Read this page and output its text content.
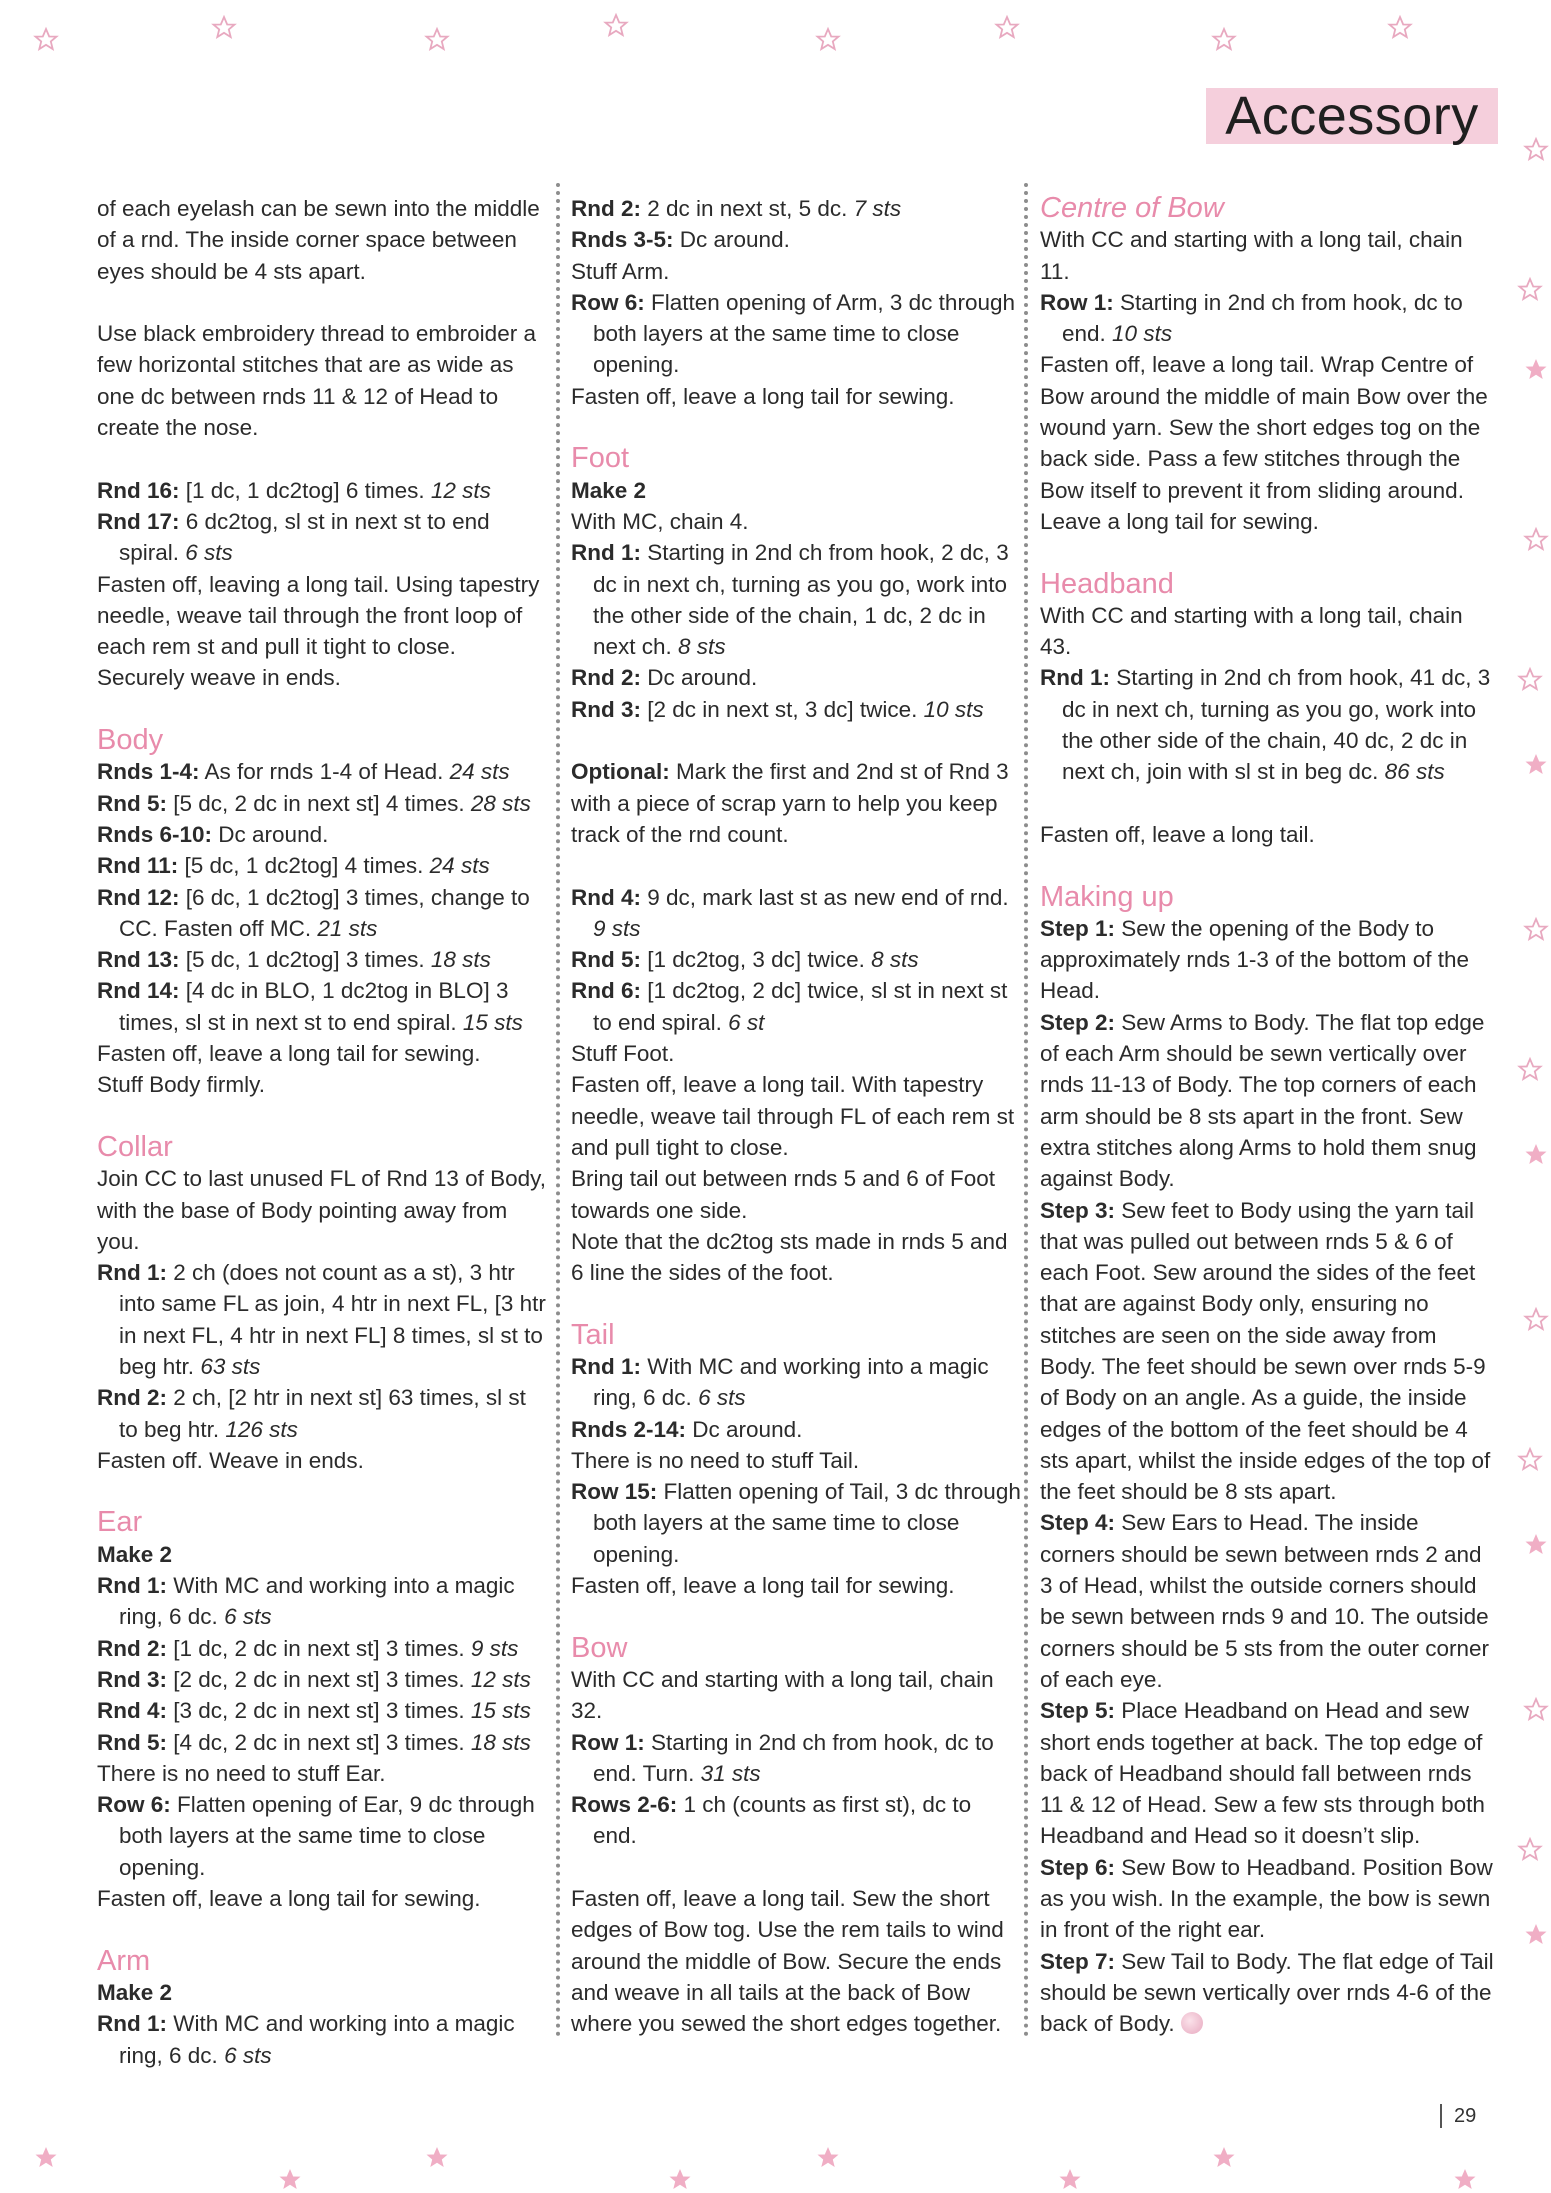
Accessory

of each eyelash can be sewn into the middle of a rnd. The inside corner space between eyes should be 4 sts apart.

Use black embroidery thread to embroider a few horizontal stitches that are as wide as one dc between rnds 11 & 12 of Head to create the nose.

Rnd 16: [1 dc, 1 dc2tog] 6 times. 12 sts

Rnd 17: 6 dc2tog, sl st in next st to end spiral. 6 sts

Fasten off, leaving a long tail. Using tapestry needle, weave tail through the front loop of each rem st and pull it tight to close. Securely weave in ends.

Body

Rnds 1-4: As for rnds 1-4 of Head. 24 sts

Rnd 5: [5 dc, 2 dc in next st] 4 times. 28 sts

Rnds 6-10: Dc around.

Rnd 11: [5 dc, 1 dc2tog] 4 times. 24 sts

Rnd 12: [6 dc, 1 dc2tog] 3 times, change to CC. Fasten off MC. 21 sts

Rnd 13: [5 dc, 1 dc2tog] 3 times. 18 sts

Rnd 14: [4 dc in BLO, 1 dc2tog in BLO] 3 times, sl st in next st to end spiral. 15 sts

Fasten off, leave a long tail for sewing.

Stuff Body firmly.

Collar

Join CC to last unused FL of Rnd 13 of Body, with the base of Body pointing away from you.

Rnd 1: 2 ch (does not count as a st), 3 htr into same FL as join, 4 htr in next FL, [3 htr in next FL, 4 htr in next FL] 8 times, sl st to beg htr. 63 sts

Rnd 2: 2 ch, [2 htr in next st] 63 times, sl st to beg htr. 126 sts

Fasten off. Weave in ends.

Ear
Make 2

Rnd 1: With MC and working into a magic ring, 6 dc. 6 sts

Rnd 2: [1 dc, 2 dc in next st] 3 times. 9 sts

Rnd 3: [2 dc, 2 dc in next st] 3 times. 12 sts

Rnd 4: [3 dc, 2 dc in next st] 3 times. 15 sts

Rnd 5: [4 dc, 2 dc in next st] 3 times. 18 sts

There is no need to stuff Ear.

Row 6: Flatten opening of Ear, 9 dc through both layers at the same time to close opening.

Fasten off, leave a long tail for sewing.

Arm
Make 2

Rnd 1: With MC and working into a magic ring, 6 dc. 6 sts

Rnd 2: 2 dc in next st, 5 dc. 7 sts

Rnds 3-5: Dc around.

Stuff Arm.

Row 6: Flatten opening of Arm, 3 dc through both layers at the same time to close opening.

Fasten off, leave a long tail for sewing.

Foot
Make 2

With MC, chain 4.

Rnd 1: Starting in 2nd ch from hook, 2 dc, 3 dc in next ch, turning as you go, work into the other side of the chain, 1 dc, 2 dc in next ch. 8 sts

Rnd 2: Dc around.

Rnd 3: [2 dc in next st, 3 dc] twice. 10 sts

Optional: Mark the first and 2nd st of Rnd 3 with a piece of scrap yarn to help you keep track of the rnd count.

Rnd 4: 9 dc, mark last st as new end of rnd. 9 sts

Rnd 5: [1 dc2tog, 3 dc] twice. 8 sts

Rnd 6: [1 dc2tog, 2 dc] twice, sl st in next st to end spiral. 6 st

Stuff Foot.

Fasten off, leave a long tail. With tapestry needle, weave tail through FL of each rem st and pull tight to close.

Bring tail out between rnds 5 and 6 of Foot towards one side.

Note that the dc2tog sts made in rnds 5 and 6 line the sides of the foot.

Tail

Rnd 1: With MC and working into a magic ring, 6 dc. 6 sts

Rnds 2-14: Dc around.

There is no need to stuff Tail.

Row 15: Flatten opening of Tail, 3 dc through both layers at the same time to close opening.

Fasten off, leave a long tail for sewing.

Bow

With CC and starting with a long tail, chain 32.

Row 1: Starting in 2nd ch from hook, dc to end. Turn. 31 sts

Rows 2-6: 1 ch (counts as first st), dc to end.

Fasten off, leave a long tail. Sew the short edges of Bow tog. Use the rem tails to wind around the middle of Bow. Secure the ends and weave in all tails at the back of Bow where you sewed the short edges together.

Centre of Bow

With CC and starting with a long tail, chain 11.

Row 1: Starting in 2nd ch from hook, dc to end. 10 sts

Fasten off, leave a long tail. Wrap Centre of Bow around the middle of main Bow over the wound yarn. Sew the short edges tog on the back side. Pass a few stitches through the Bow itself to prevent it from sliding around. Leave a long tail for sewing.

Headband

With CC and starting with a long tail, chain 43.

Rnd 1: Starting in 2nd ch from hook, 41 dc, 3 dc in next ch, turning as you go, work into the other side of the chain, 40 dc, 2 dc in next ch, join with sl st in beg dc. 86 sts

Fasten off, leave a long tail.

Making up

Step 1: Sew the opening of the Body to approximately rnds 1-3 of the bottom of the Head.

Step 2: Sew Arms to Body. The flat top edge of each Arm should be sewn vertically over rnds 11-13 of Body. The top corners of each arm should be 8 sts apart in the front. Sew extra stitches along Arms to hold them snug against Body.

Step 3: Sew feet to Body using the yarn tail that was pulled out between rnds 5 & 6 of each Foot. Sew around the sides of the feet that are against Body only, ensuring no stitches are seen on the side away from Body. The feet should be sewn over rnds 5-9 of Body on an angle. As a guide, the inside edges of the bottom of the feet should be 4 sts apart, whilst the inside edges of the top of the feet should be 8 sts apart.

Step 4: Sew Ears to Head. The inside corners should be sewn between rnds 2 and 3 of Head, whilst the outside corners should be sewn between rnds 9 and 10. The outside corners should be 5 sts from the outer corner of each eye.

Step 5: Place Headband on Head and sew short ends together at back. The top edge of back of Headband should fall between rnds 11 & 12 of Head. Sew a few sts through both Headband and Head so it doesn’t slip.

Step 6: Sew Bow to Headband. Position Bow as you wish. In the example, the bow is sewn in front of the right ear.

Step 7: Sew Tail to Body. The flat edge of Tail should be sewn vertically over rnds 4-6 of the back of Body.

29
